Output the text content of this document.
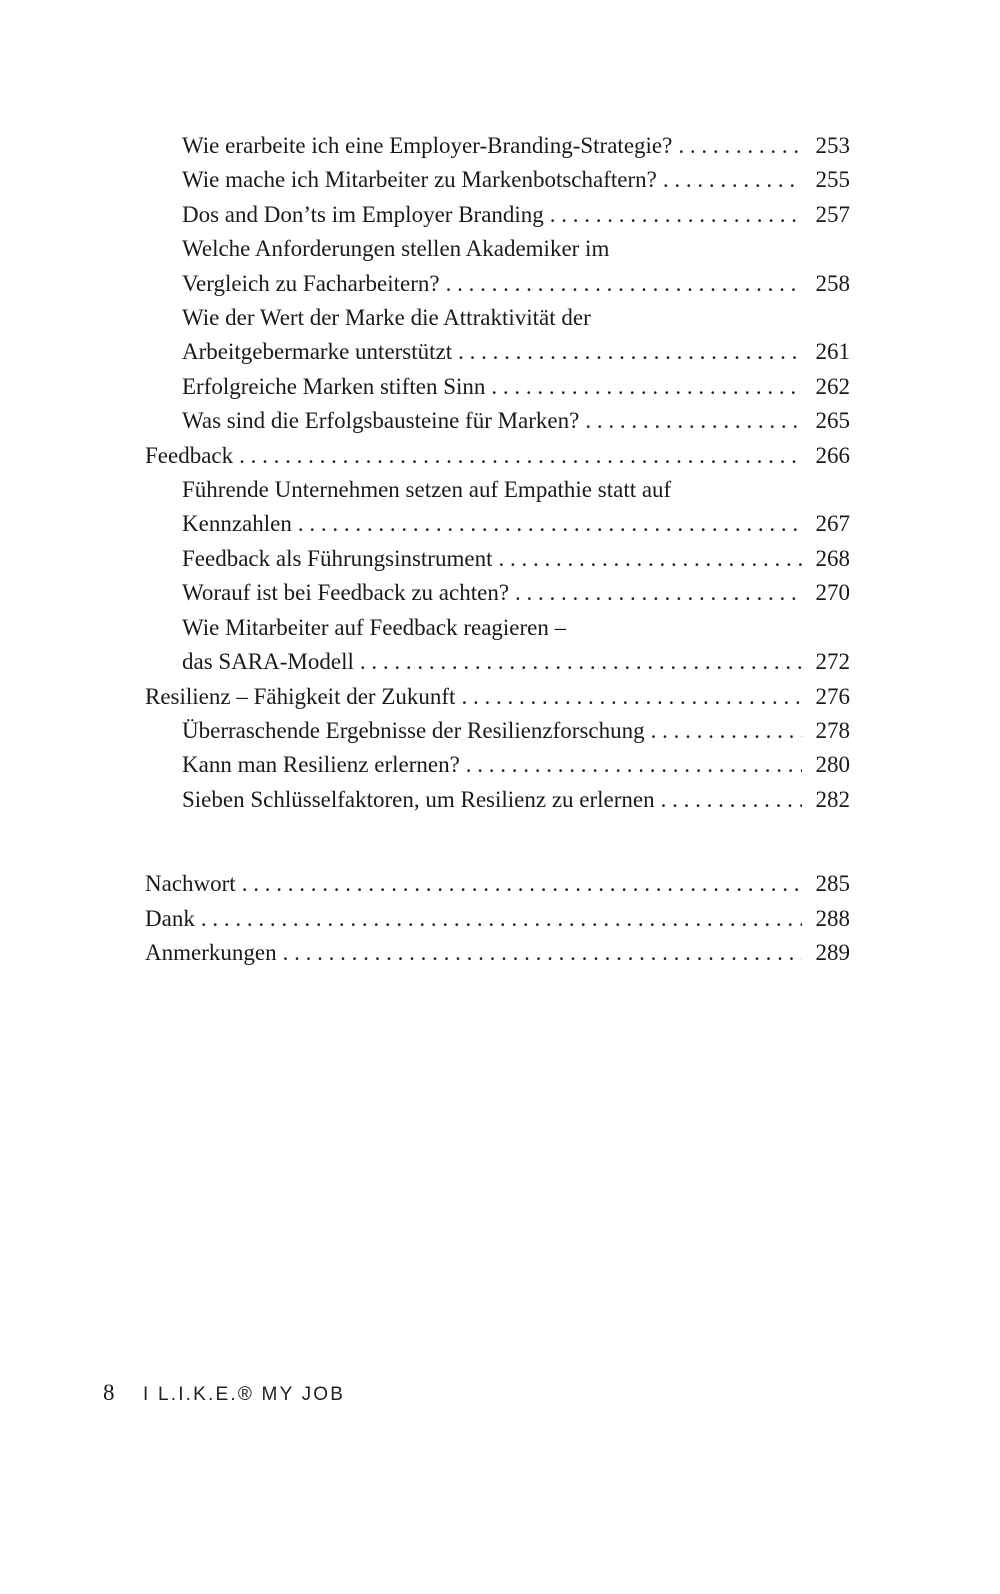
Wie erarbeite ich eine Employer-Branding-Strategie? . . .	253
Wie mache ich Mitarbeiter zu Markenbotschaftern? . . .	255
Dos and Don’ts im Employer Branding . . .	257
Welche Anforderungen stellen Akademiker im
Vergleich zu Facharbeitern? . . .	258
Wie der Wert der Marke die Attraktivität der
Arbeitgebermarke unterstützt . . .	261
Erfolgreiche Marken stiften Sinn . . .	262
Was sind die Erfolgsbausteine für Marken? . . .	265
Feedback . . .	266
Führende Unternehmen setzen auf Empathie statt auf
Kennzahlen . . .	267
Feedback als Führungsinstrument . . .	268
Worauf ist bei Feedback zu achten? . . .	270
Wie Mitarbeiter auf Feedback reagieren –
das SARA-Modell . . .	272
Resilienz – Fähigkeit der Zukunft . . .	276
Überraschende Ergebnisse der Resilienzforschung . . .	278
Kann man Resilienz erlernen? . . .	280
Sieben Schlüsselfaktoren, um Resilienz zu erlernen . . .	282
Nachwort . . .	285
Dank . . .	288
Anmerkungen . . .	289
8	I L.I.K.E.® MY JOB
